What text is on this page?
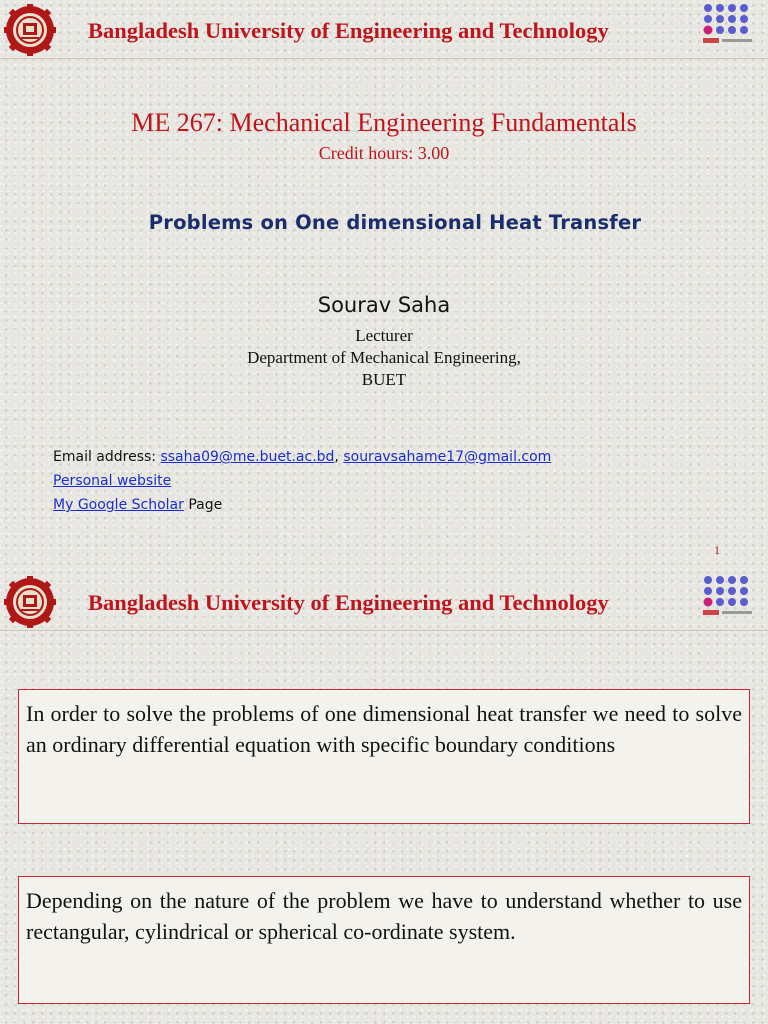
Bangladesh University of Engineering and Technology
ME 267: Mechanical Engineering Fundamentals
Credit hours: 3.00
Problems on One dimensional Heat Transfer
Sourav Saha
Lecturer
Department of Mechanical Engineering,
BUET
Email address: ssaha09@me.buet.ac.bd, souravsahame17@gmail.com
Personal website
My Google Scholar Page
1
Bangladesh University of Engineering and Technology
In order to solve the problems of one dimensional heat transfer we need to solve an ordinary differential equation with specific boundary conditions
Depending on the nature of the problem we have to understand whether to use rectangular, cylindrical or spherical co-ordinate system.
